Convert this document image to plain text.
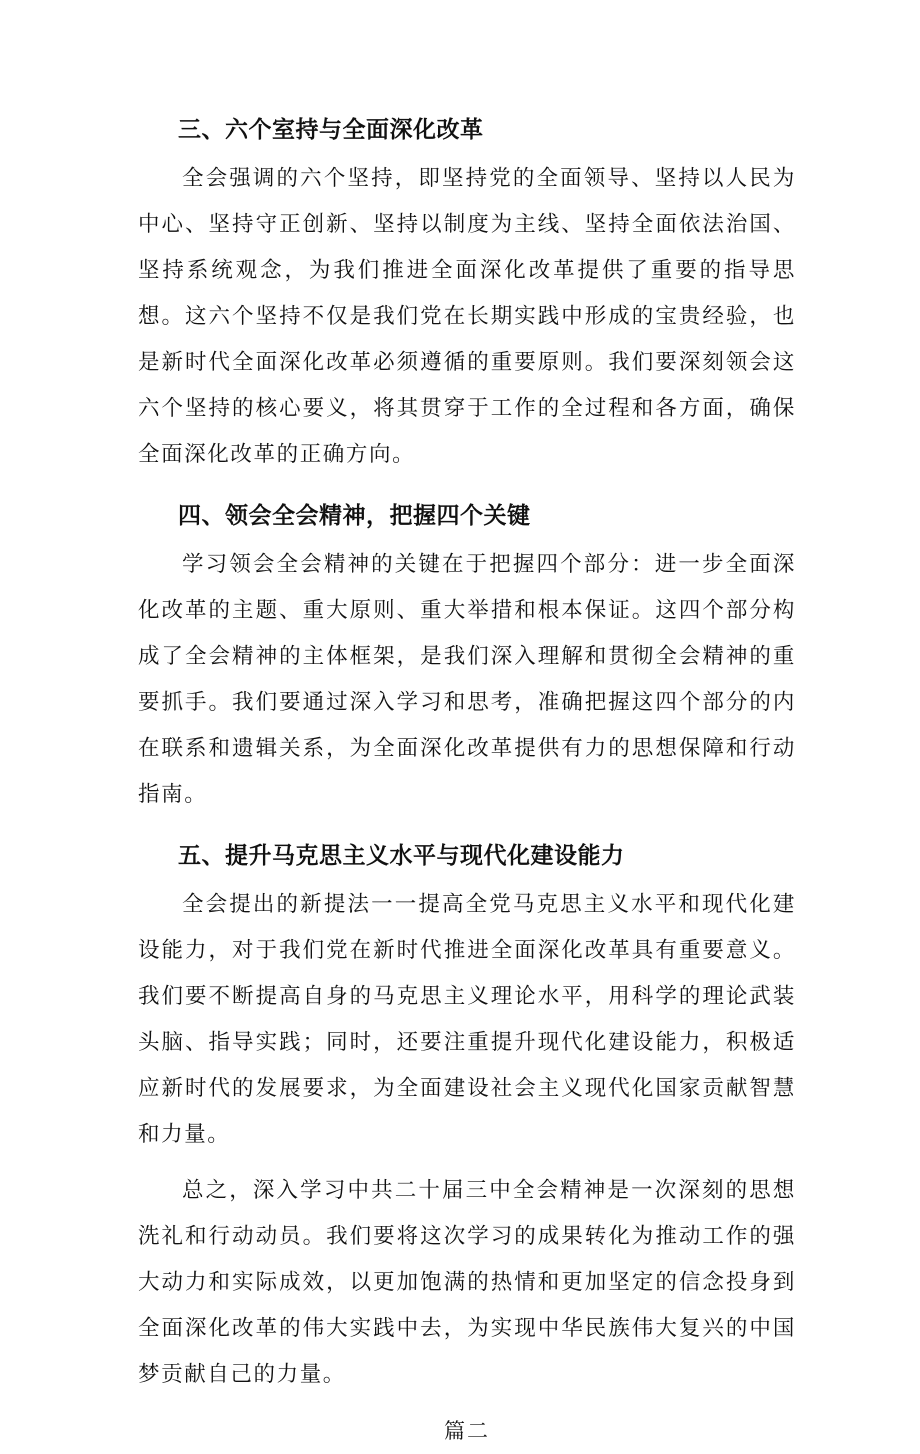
三、六个室持与全面深化改革

全会强调的六个坚持，即坚持党的全面领导、坚持以人民为中心、坚持守正创新、坚持以制度为主线、坚持全面依法治国、坚持系统观念，为我们推进全面深化改革提供了重要的指导思想。这六个坚持不仅是我们党在长期实践中形成的宝贵经验，也是新时代全面深化改革必须遵循的重要原则。我们要深刻领会这六个坚持的核心要义，将其贯穿于工作的全过程和各方面，确保全面深化改革的正确方向。

四、领会全会精神，把握四个关键

学习领会全会精神的关键在于把握四个部分：进一步全面深化改革的主题、重大原则、重大举措和根本保证。这四个部分构成了全会精神的主体框架，是我们深入理解和贯彻全会精神的重要抓手。我们要通过深入学习和思考，准确把握这四个部分的内在联系和遗辑关系，为全面深化改革提供有力的思想保障和行动指南。

五、提升马克思主义水平与现代化建设能力

全会提出的新提法一一提高全党马克思主义水平和现代化建设能力，对于我们党在新时代推进全面深化改革具有重要意义。我们要不断提高自身的马克思主义理论水平，用科学的理论武装头脑、指导实践；同时，还要注重提升现代化建设能力，积极适应新时代的发展要求，为全面建设社会主义现代化国家贡献智慧和力量。

总之，深入学习中共二十届三中全会精神是一次深刻的思想洗礼和行动动员。我们要将这次学习的成果转化为推动工作的强大动力和实际成效，以更加饱满的热情和更加坚定的信念投身到全面深化改革的伟大实践中去，为实现中华民族伟大复兴的中国梦贡献自己的力量。

篇二
